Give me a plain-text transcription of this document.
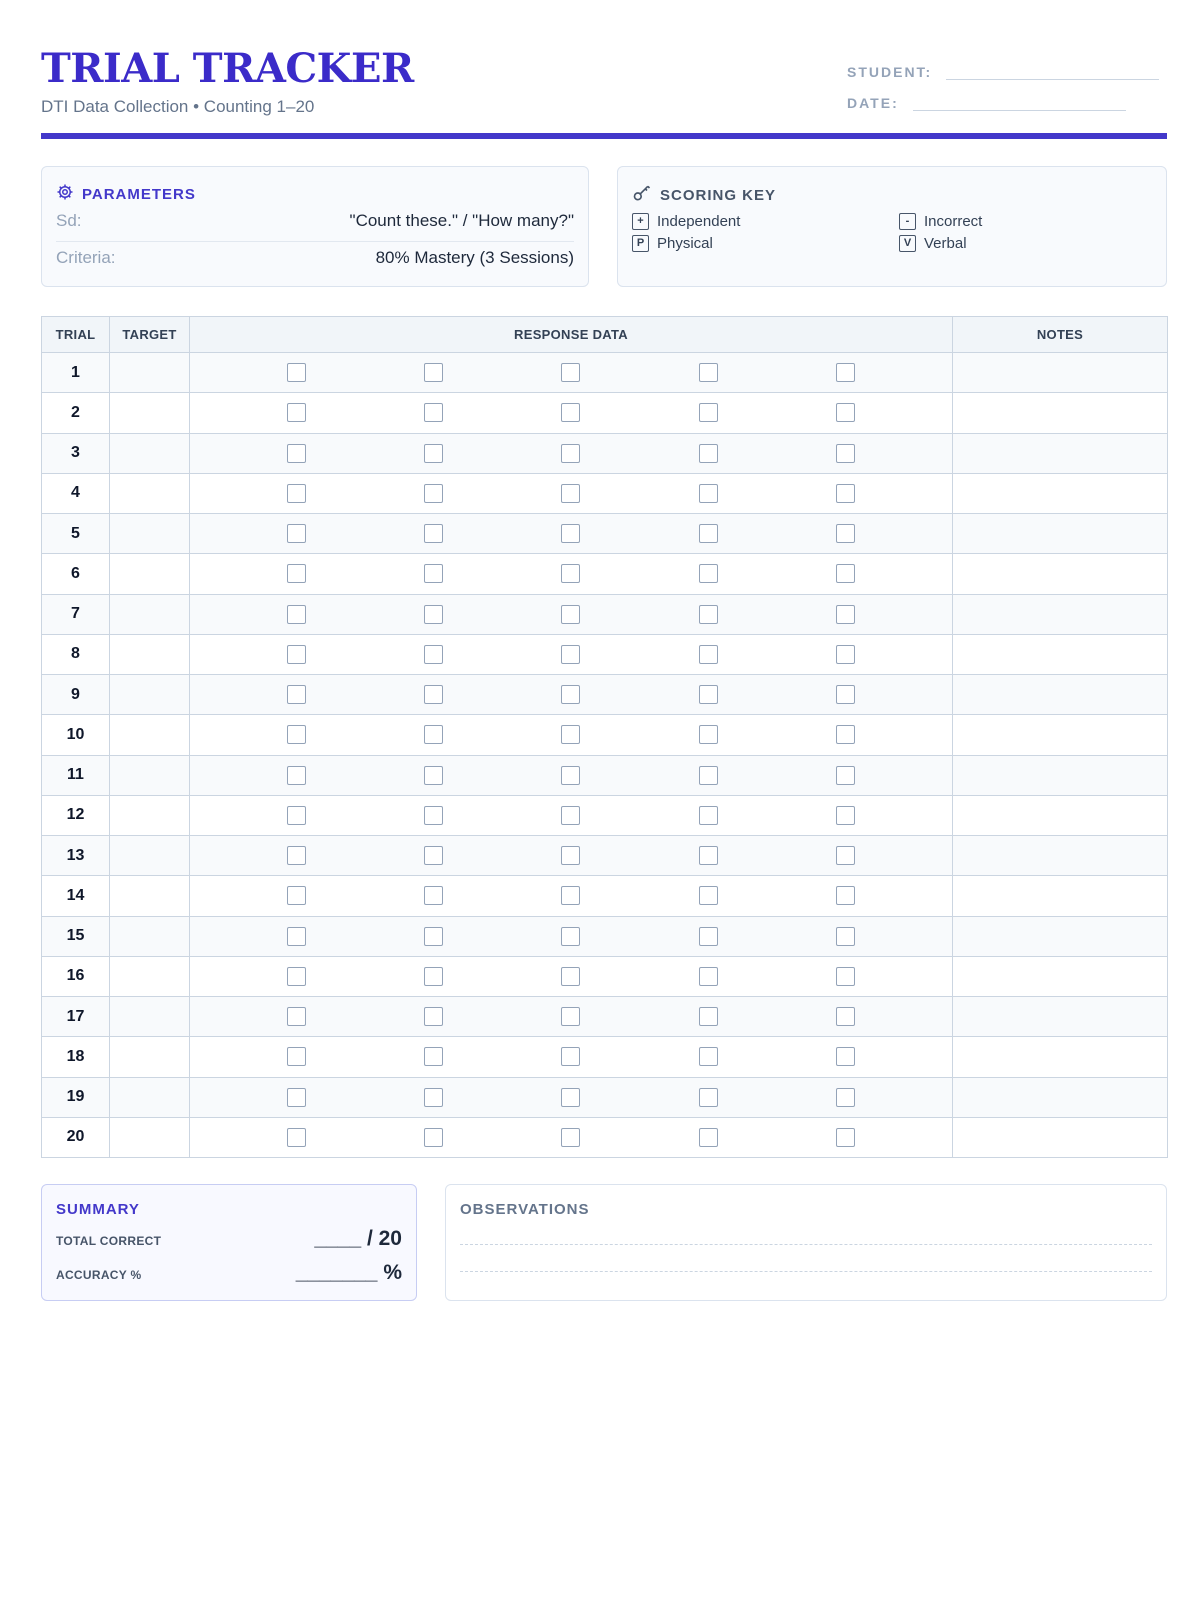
TRIAL TRACKER
DTI Data Collection • Counting 1–20
STUDENT:
DATE:
PARAMETERS
Sd:	"Count these." / "How many?"
Criteria:	80% Mastery (3 Sessions)
SCORING KEY
+ Independent	- Incorrect
P Physical	V Verbal
TRIAL	TARGET	RESPONSE DATA	NOTES
1		

2		

3		

4		

5		

6		

7		

8		

9		

10		

11		

12		

13		

14		

15		

16		

17		

18		

19		

20		

SUMMARY
TOTAL CORRECT	____ / 20
ACCURACY %	_______ %
OBSERVATIONS
